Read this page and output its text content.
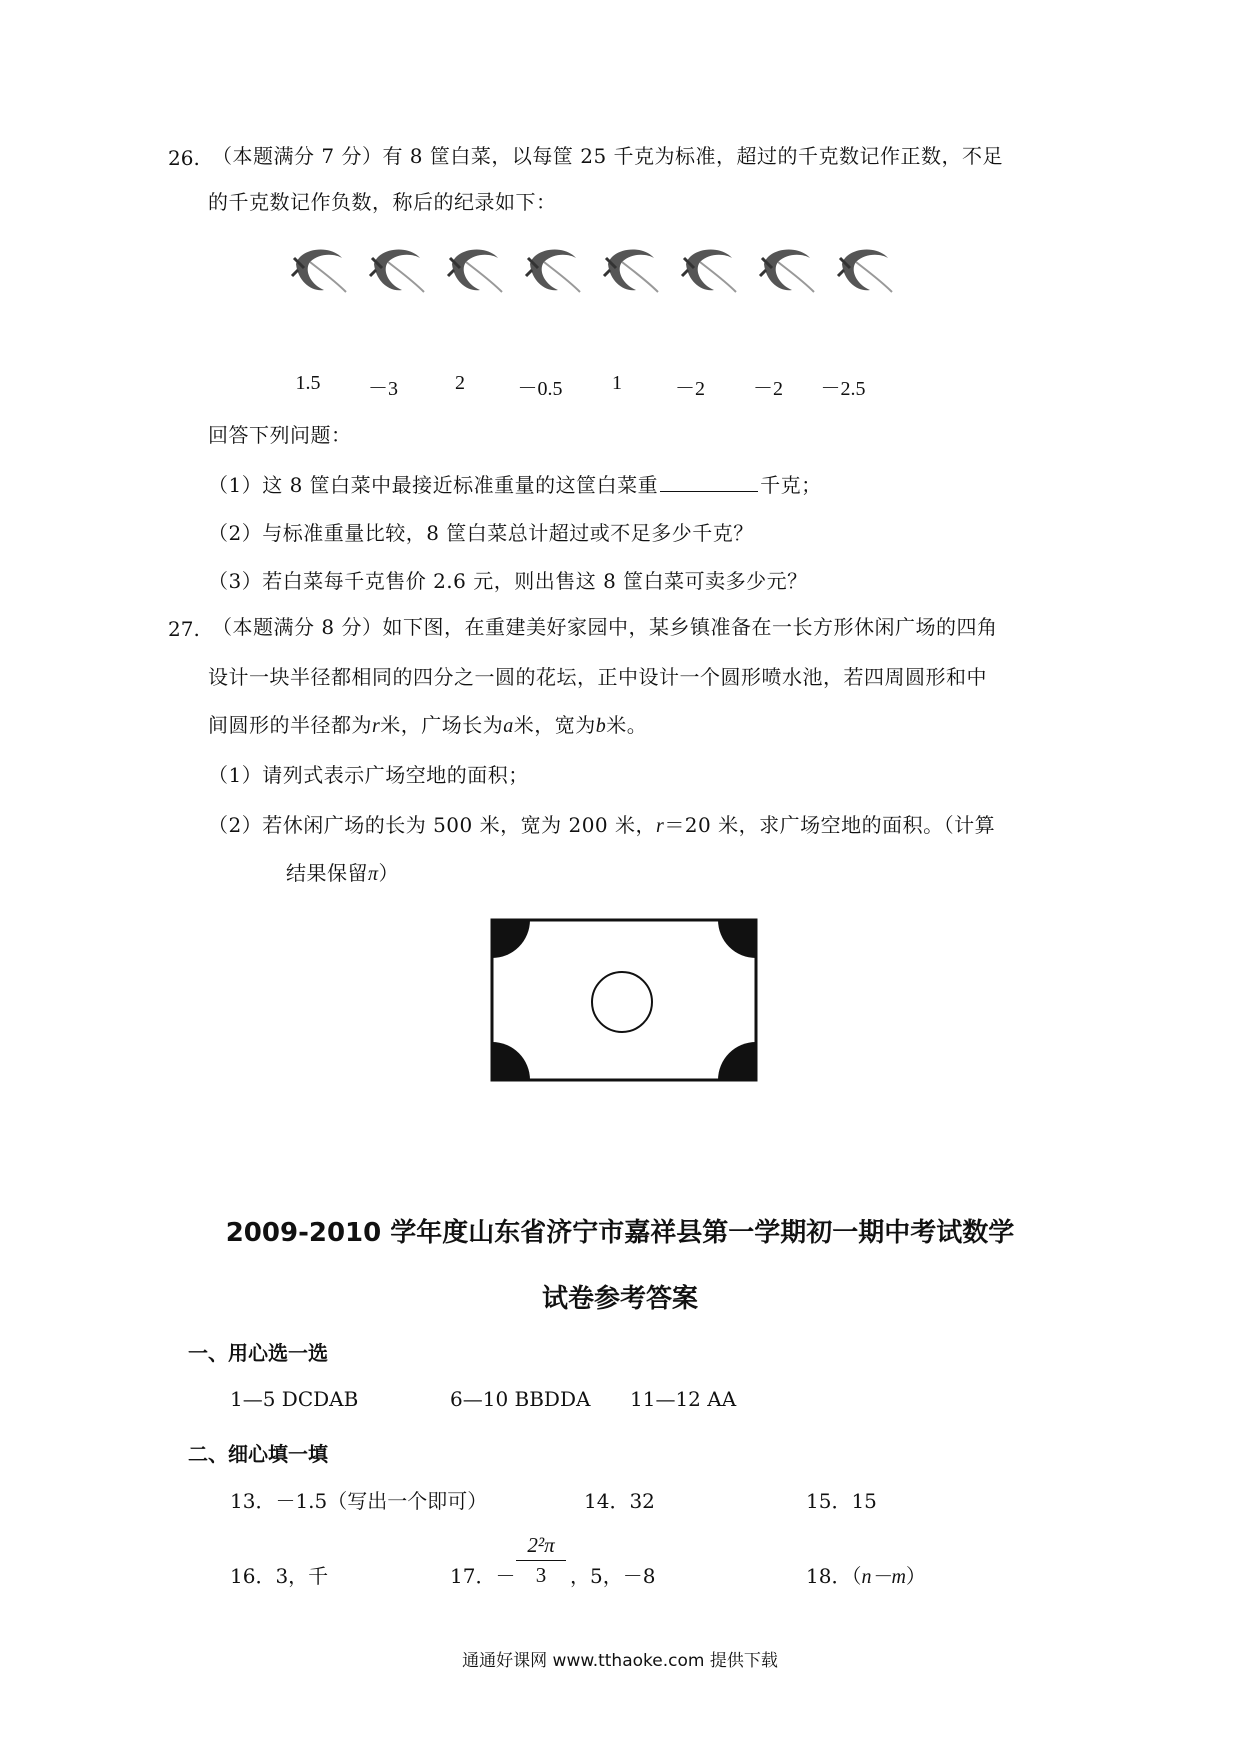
26. （本题满分 7 分）有 8 筐白菜，以每筐 25 千克为标准，超过的千克数记作正数，不足
的千克数记作负数，称后的纪录如下：
1.5	－3	2	－0.5	1	－2	－2	－2.5
回答下列问题：
（1）这 8 筐白菜中最接近标准重量的这筐白菜重	千克；
（2）与标准重量比较，8 筐白菜总计超过或不足多少千克？
（3）若白菜每千克售价 2.6 元，则出售这 8 筐白菜可卖多少元？
27. （本题满分 8 分）如下图，在重建美好家园中，某乡镇准备在一长方形休闲广场的四角
设计一块半径都相同的四分之一圆的花坛，正中设计一个圆形喷水池，若四周圆形和中
间圆形的半径都为r米，广场长为a米，宽为b米。
（1）请列式表示广场空地的面积；
（2）若休闲广场的长为 500 米，宽为 200 米，r＝20 米，求广场空地的面积。（计算
结果保留π）
2009-2010 学年度山东省济宁市嘉祥县第一学期初一期中考试数学
试卷参考答案
一、用心选一选
1—5 DCDAB	6—10 BBDDA 11—12 AA
二、细心填一填
13．－1.5（写出一个即可）	14．32	15．15
16．3，千	17．－ $\frac{\text{2²π}}{3}$ ，5，－8	18．（n－m）
通通好课网 www.tthaoke.com 提供下载
